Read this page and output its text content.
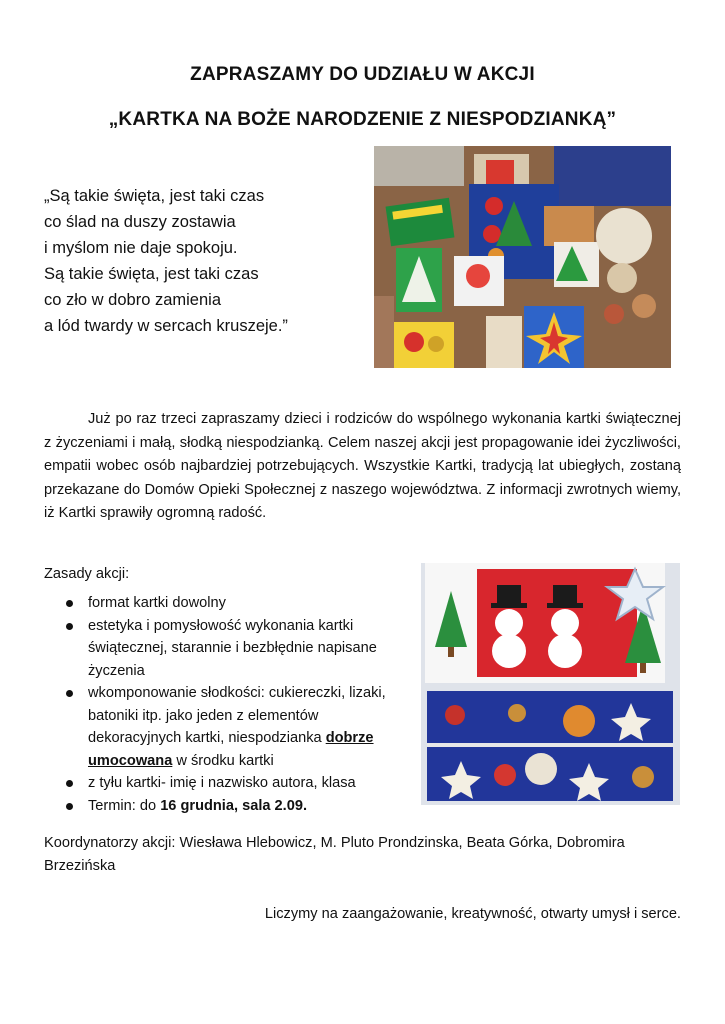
ZAPRASZAMY DO UDZIAŁU W AKCJI
„KARTKA NA BOŻE NARODZENIE Z NIESPODZIANKĄ”
„Są takie święta, jest taki czas
co ślad na duszy zostawia
i myślom nie daje spokoju.
Są takie święta, jest taki czas
co zło w dobro zamienia
a lód twardy w sercach kruszeje.”
Już po raz trzeci zapraszamy dzieci i rodziców do wspólnego wykonania kartki świątecznej z życzeniami i małą, słodką niespodzianką. Celem naszej akcji jest propagowanie idei życzliwości, empatii wobec osób najbardziej potrzebujących. Wszystkie Kartki, tradycją lat ubiegłych, zostaną przekazane do Domów Opieki Społecznej z naszego województwa. Z informacji zwrotnych wiemy, iż Kartki sprawiły ogromną radość.
Zasady akcji:
format kartki dowolny
estetyka i pomysłowość wykonania kartki świątecznej, starannie i bezbłędnie napisane życzenia
wkomponowanie słodkości: cukiereczki, lizaki, batoniki itp. jako jeden z elementów dekoracyjnych kartki, niespodzianka dobrze umocowana w środku kartki
z tyłu kartki- imię i nazwisko autora, klasa
Termin: do 16 grudnia, sala 2.09.
Koordynatorzy akcji: Wiesława Hlebowicz, M. Pluto Prondzinska, Beata Górka, Dobromira Brzezińska
Liczymy na zaangażowanie, kreatywność, otwarty umysł i serce.
